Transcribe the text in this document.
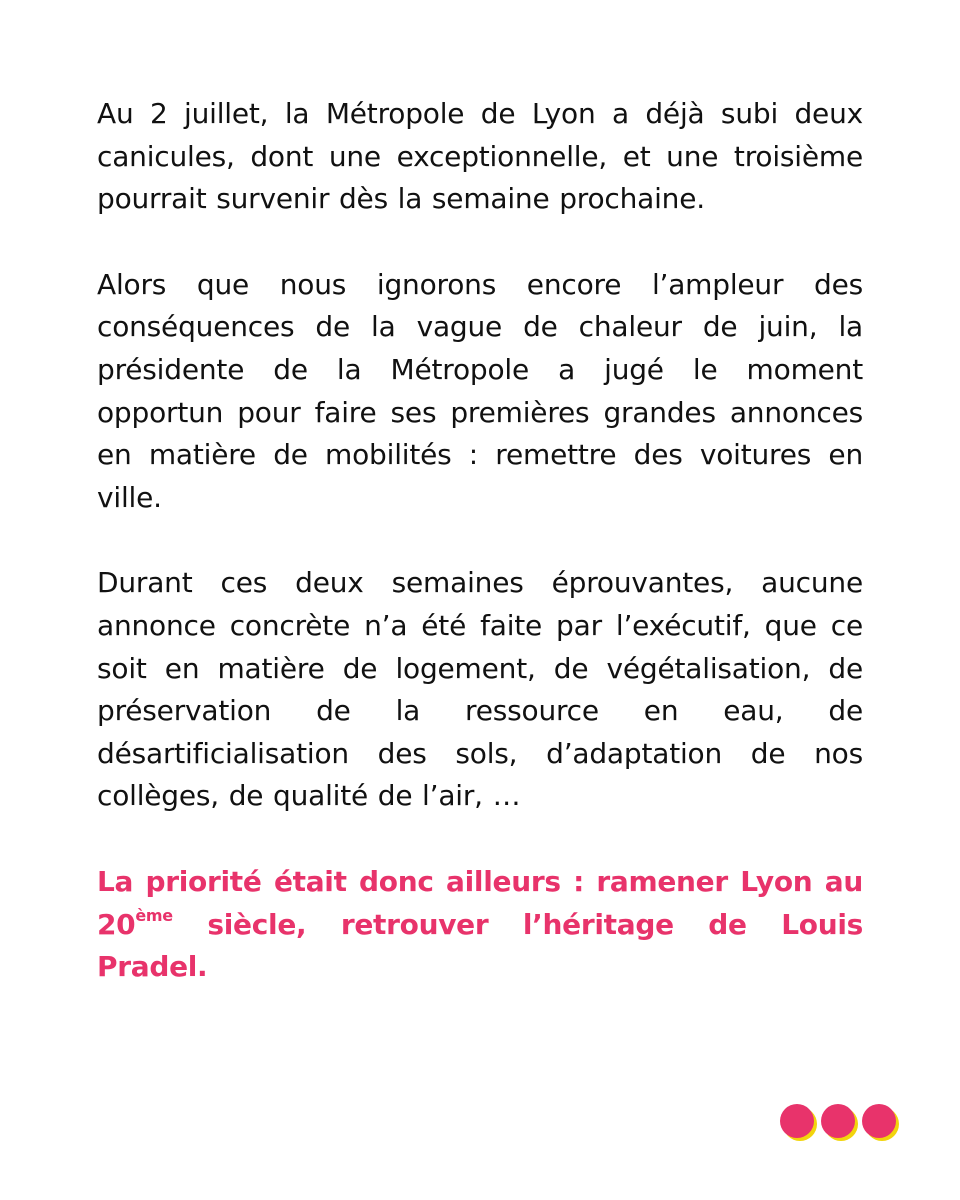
Au 2 juillet, la Métropole de Lyon a déjà subi deux canicules, dont une exceptionnelle, et une troisième pourrait survenir dès la semaine prochaine.

Alors que nous ignorons encore l’ampleur des conséquences de la vague de chaleur de juin, la présidente de la Métropole a jugé le moment opportun pour faire ses premières grandes annonces en matière de mobilités : remettre des voitures en ville.

Durant ces deux semaines éprouvantes, aucune annonce concrète n’a été faite par l’exécutif, que ce soit en matière de logement, de végétalisation, de préservation de la ressource en eau, de désartificialisation des sols, d’adaptation de nos collèges, de qualité de l’air, …

La priorité était donc ailleurs : ramener Lyon au 20ème siècle, retrouver l’héritage de Louis Pradel.
